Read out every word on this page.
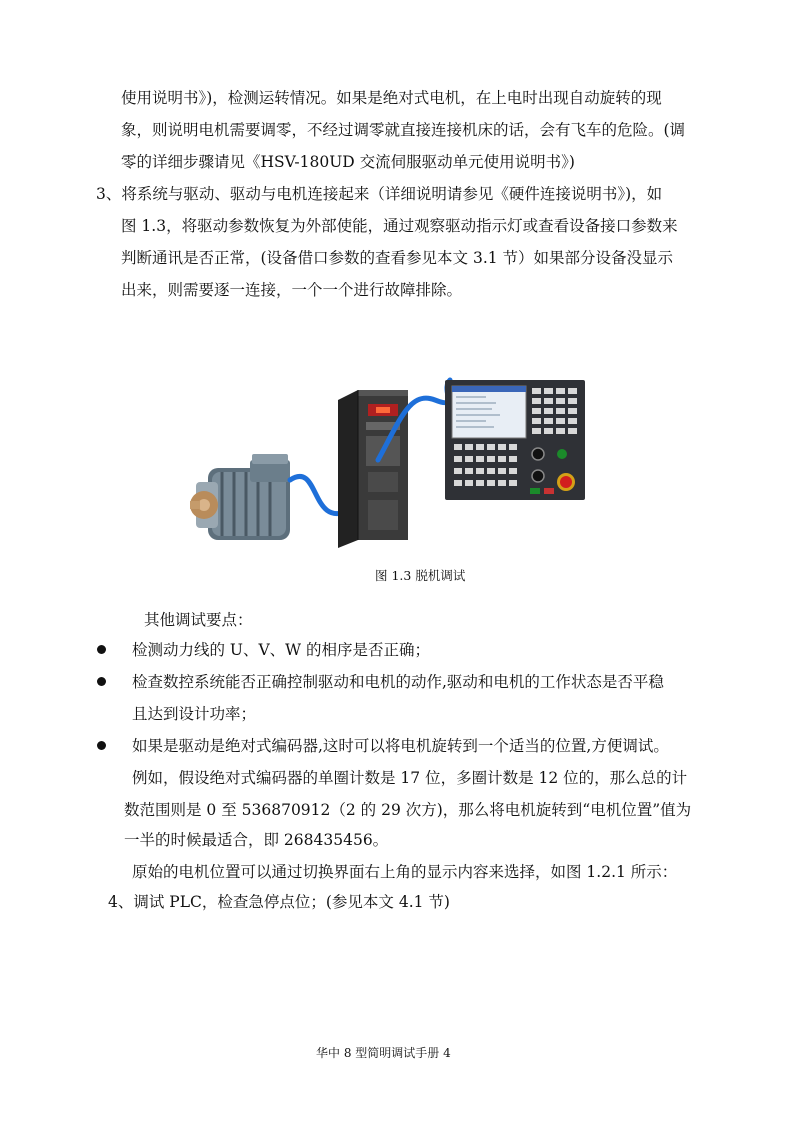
使用说明书》)，检测运转情况。如果是绝对式电机，在上电时出现自动旋转的现
象，则说明电机需要调零，不经过调零就直接连接机床的话，会有飞车的危险。(调
零的详细步骤请见《HSV-180UD 交流伺服驱动单元使用说明书》)
3、将系统与驱动、驱动与电机连接起来（详细说明请参见《硬件连接说明书》)，如
图 1.3，将驱动参数恢复为外部使能，通过观察驱动指示灯或查看设备接口参数来
判断通讯是否正常，(设备借口参数的查看参见本文 3.1 节）如果部分设备没显示
出来，则需要逐一连接，一个一个进行故障排除。
图 1.3 脱机调试
其他调试要点：
检测动力线的 U、V、W 的相序是否正确；
检查数控系统能否正确控制驱动和电机的动作,驱动和电机的工作状态是否平稳
且达到设计功率；
如果是驱动是绝对式编码器,这时可以将电机旋转到一个适当的位置,方便调试。
例如，假设绝对式编码器的单圈计数是 17 位，多圈计数是 12 位的，那么总的计
数范围则是 0 至 536870912（2 的 29 次方)，那么将电机旋转到“电机位置”值为
一半的时候最适合，即 268435456。
原始的电机位置可以通过切换界面右上角的显示内容来选择，如图 1.2.1 所示：
4、调试 PLC，检查急停点位；(参见本文 4.1 节)
华中 8 型简明调试手册 4
